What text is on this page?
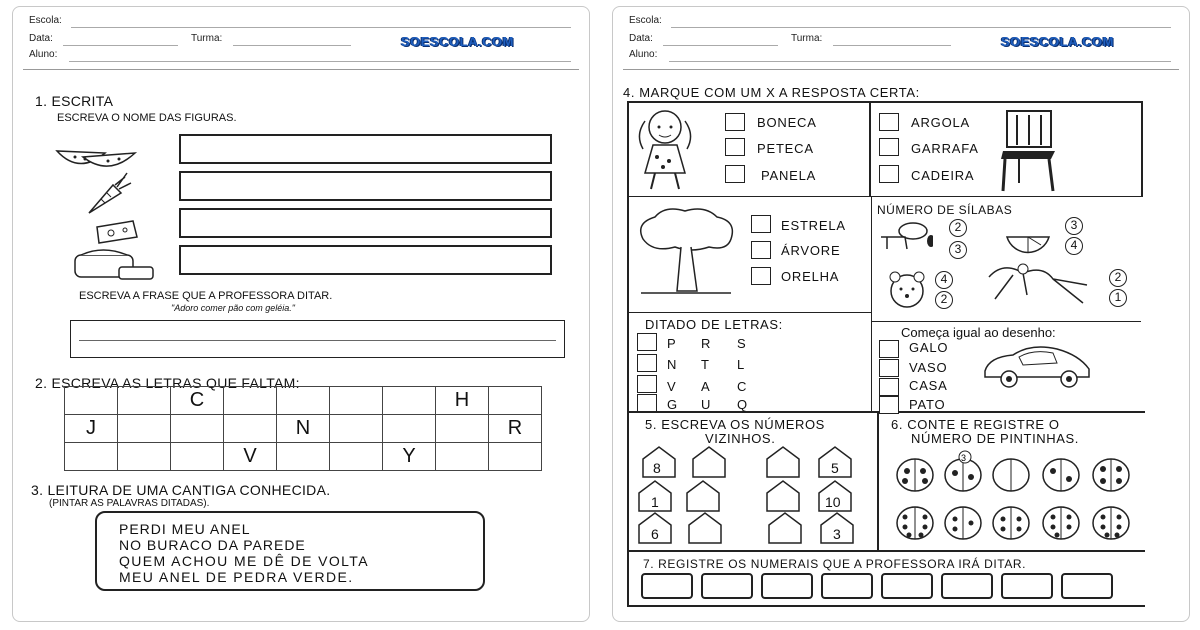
Escola:
Data:	Turma:	SOESCOLA.COM
Aluno:
1. ESCRITA
ESCREVA O NOME DAS FIGURAS.
ESCREVA A FRASE QUE A PROFESSORA DITAR.
"Adoro comer pão com geléia."
2. ESCREVA AS LETRAS QUE FALTAM:
		C					H	
J				N				R
			V			Y		
3. LEITURA DE UMA CANTIGA CONHECIDA.
(PINTAR AS PALAVRAS DITADAS).
PERDI MEU ANEL
NO BURACO DA PAREDE
QUEM ACHOU ME DÊ DE VOLTA
MEU ANEL DE PEDRA VERDE.
Escola:
Data:	Turma:	SOESCOLA.COM
Aluno:
4. MARQUE COM UM X A RESPOSTA CERTA:
BONECA
PETECA
PANELA
ARGOLA
GARRAFA
CADEIRA
ESTRELA
ÁRVORE
ORELHA
NÚMERO DE SÍLABAS
2
3
3
4
4
2
2
1
DITADO DE LETRAS:
P R S
N T L
V A C
G U Q
Começa igual ao desenho:
GALO
VASO
CASA
PATO
5. ESCREVA OS NÚMEROS
VIZINHOS.
8
1
6
5
10
3
6. CONTE E REGISTRE O
NÚMERO DE PINTINHAS.
3
7. REGISTRE OS NUMERAIS QUE A PROFESSORA IRÁ DITAR.
